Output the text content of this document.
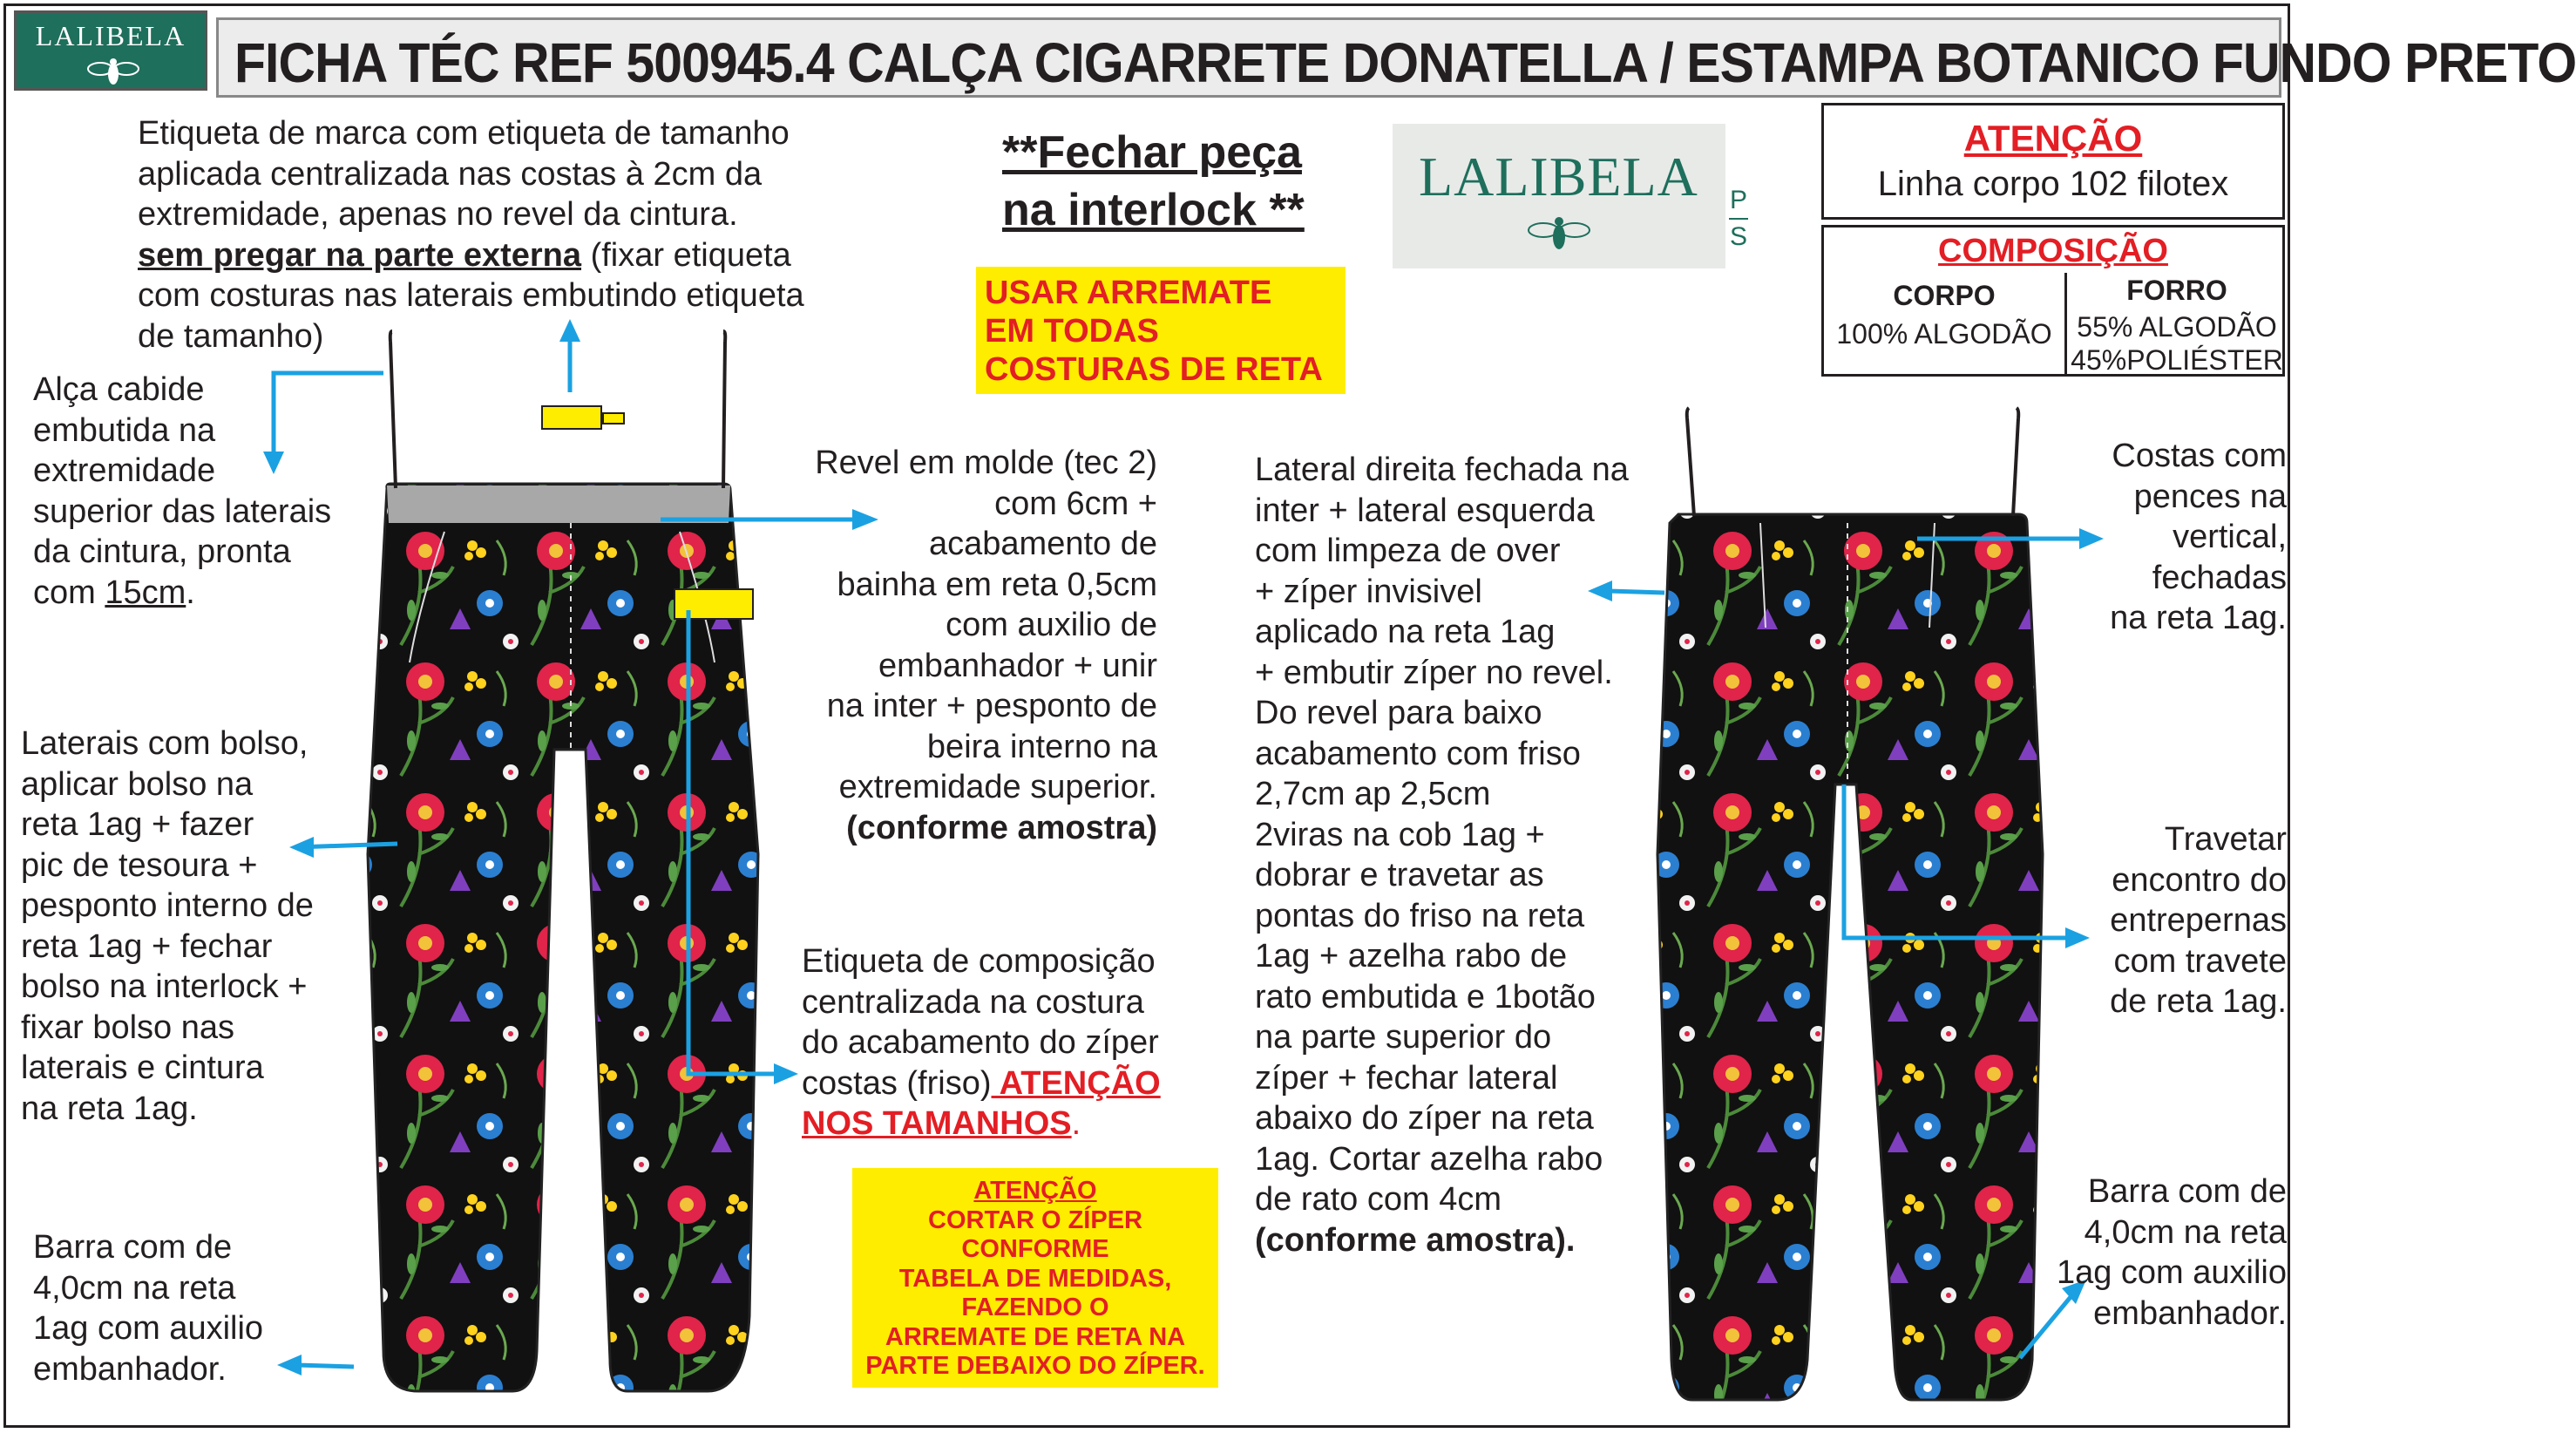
LALIBELA FICHA TÉC REF 500945.4 CALÇA CIGARRETE DONATELLA / ESTAMPA BOTANICO FUNDO PRETO
**Fechar peça
na interlock **
USAR ARREMATE
EM TODAS
COSTURAS DE RETA
LALIBELA P
S
ATENÇÃO
Linha corpo 102 filotex
COMPOSIÇÃO
CORPO
100% ALGODÃO
FORRO
55% ALGODÃO
45%POLIÉSTER
Etiqueta de marca com etiqueta de tamanho
aplicada centralizada nas costas à 2cm da
extremidade, apenas no revel da cintura.
sem pregar na parte externa (fixar etiqueta
com costuras nas laterais embutindo etiqueta
de tamanho)
Alça cabide
embutida na
extremidade
superior das laterais
da cintura, pronta
com 15cm.
Revel em molde (tec 2)
com 6cm +
acabamento de
bainha em reta 0,5cm
com auxilio de
embanhador + unir
na inter + pesponto de
beira interno na
extremidade superior.
(conforme amostra)
Laterais com bolso,
aplicar bolso na
reta 1ag + fazer
pic de tesoura +
pesponto interno de
reta 1ag + fechar
bolso na interlock +
fixar bolso nas
laterais e cintura
na reta 1ag.
Etiqueta de composição
centralizada na costura
do acabamento do zíper
costas (friso) ATENÇÃO
NOS TAMANHOS.
ATENÇÃO
CORTAR O ZÍPER
CONFORME
TABELA DE MEDIDAS,
FAZENDO O
ARREMATE DE RETA NA
PARTE DEBAIXO DO ZÍPER.
Barra com de
4,0cm na reta
1ag com auxilio
embanhador.
Lateral direita fechada na
inter + lateral esquerda
com limpeza de over
+ zíper invisivel
aplicado na reta 1ag
+ embutir zíper no revel.
Do revel para baixo
acabamento com friso
2,7cm ap 2,5cm
2viras na cob 1ag +
dobrar e travetar as
pontas do friso na reta
1ag + azelha rabo de
rato embutida e 1botão
na parte superior do
zíper + fechar lateral
abaixo do zíper na reta
1ag. Cortar azelha rabo
de rato com 4cm
(conforme amostra).
Costas com
pences na
vertical,
fechadas
na reta 1ag.
Travetar
encontro do
entrepernas
com travete
de reta 1ag.
Barra com de
4,0cm na reta
1ag com auxilio
embanhador.
